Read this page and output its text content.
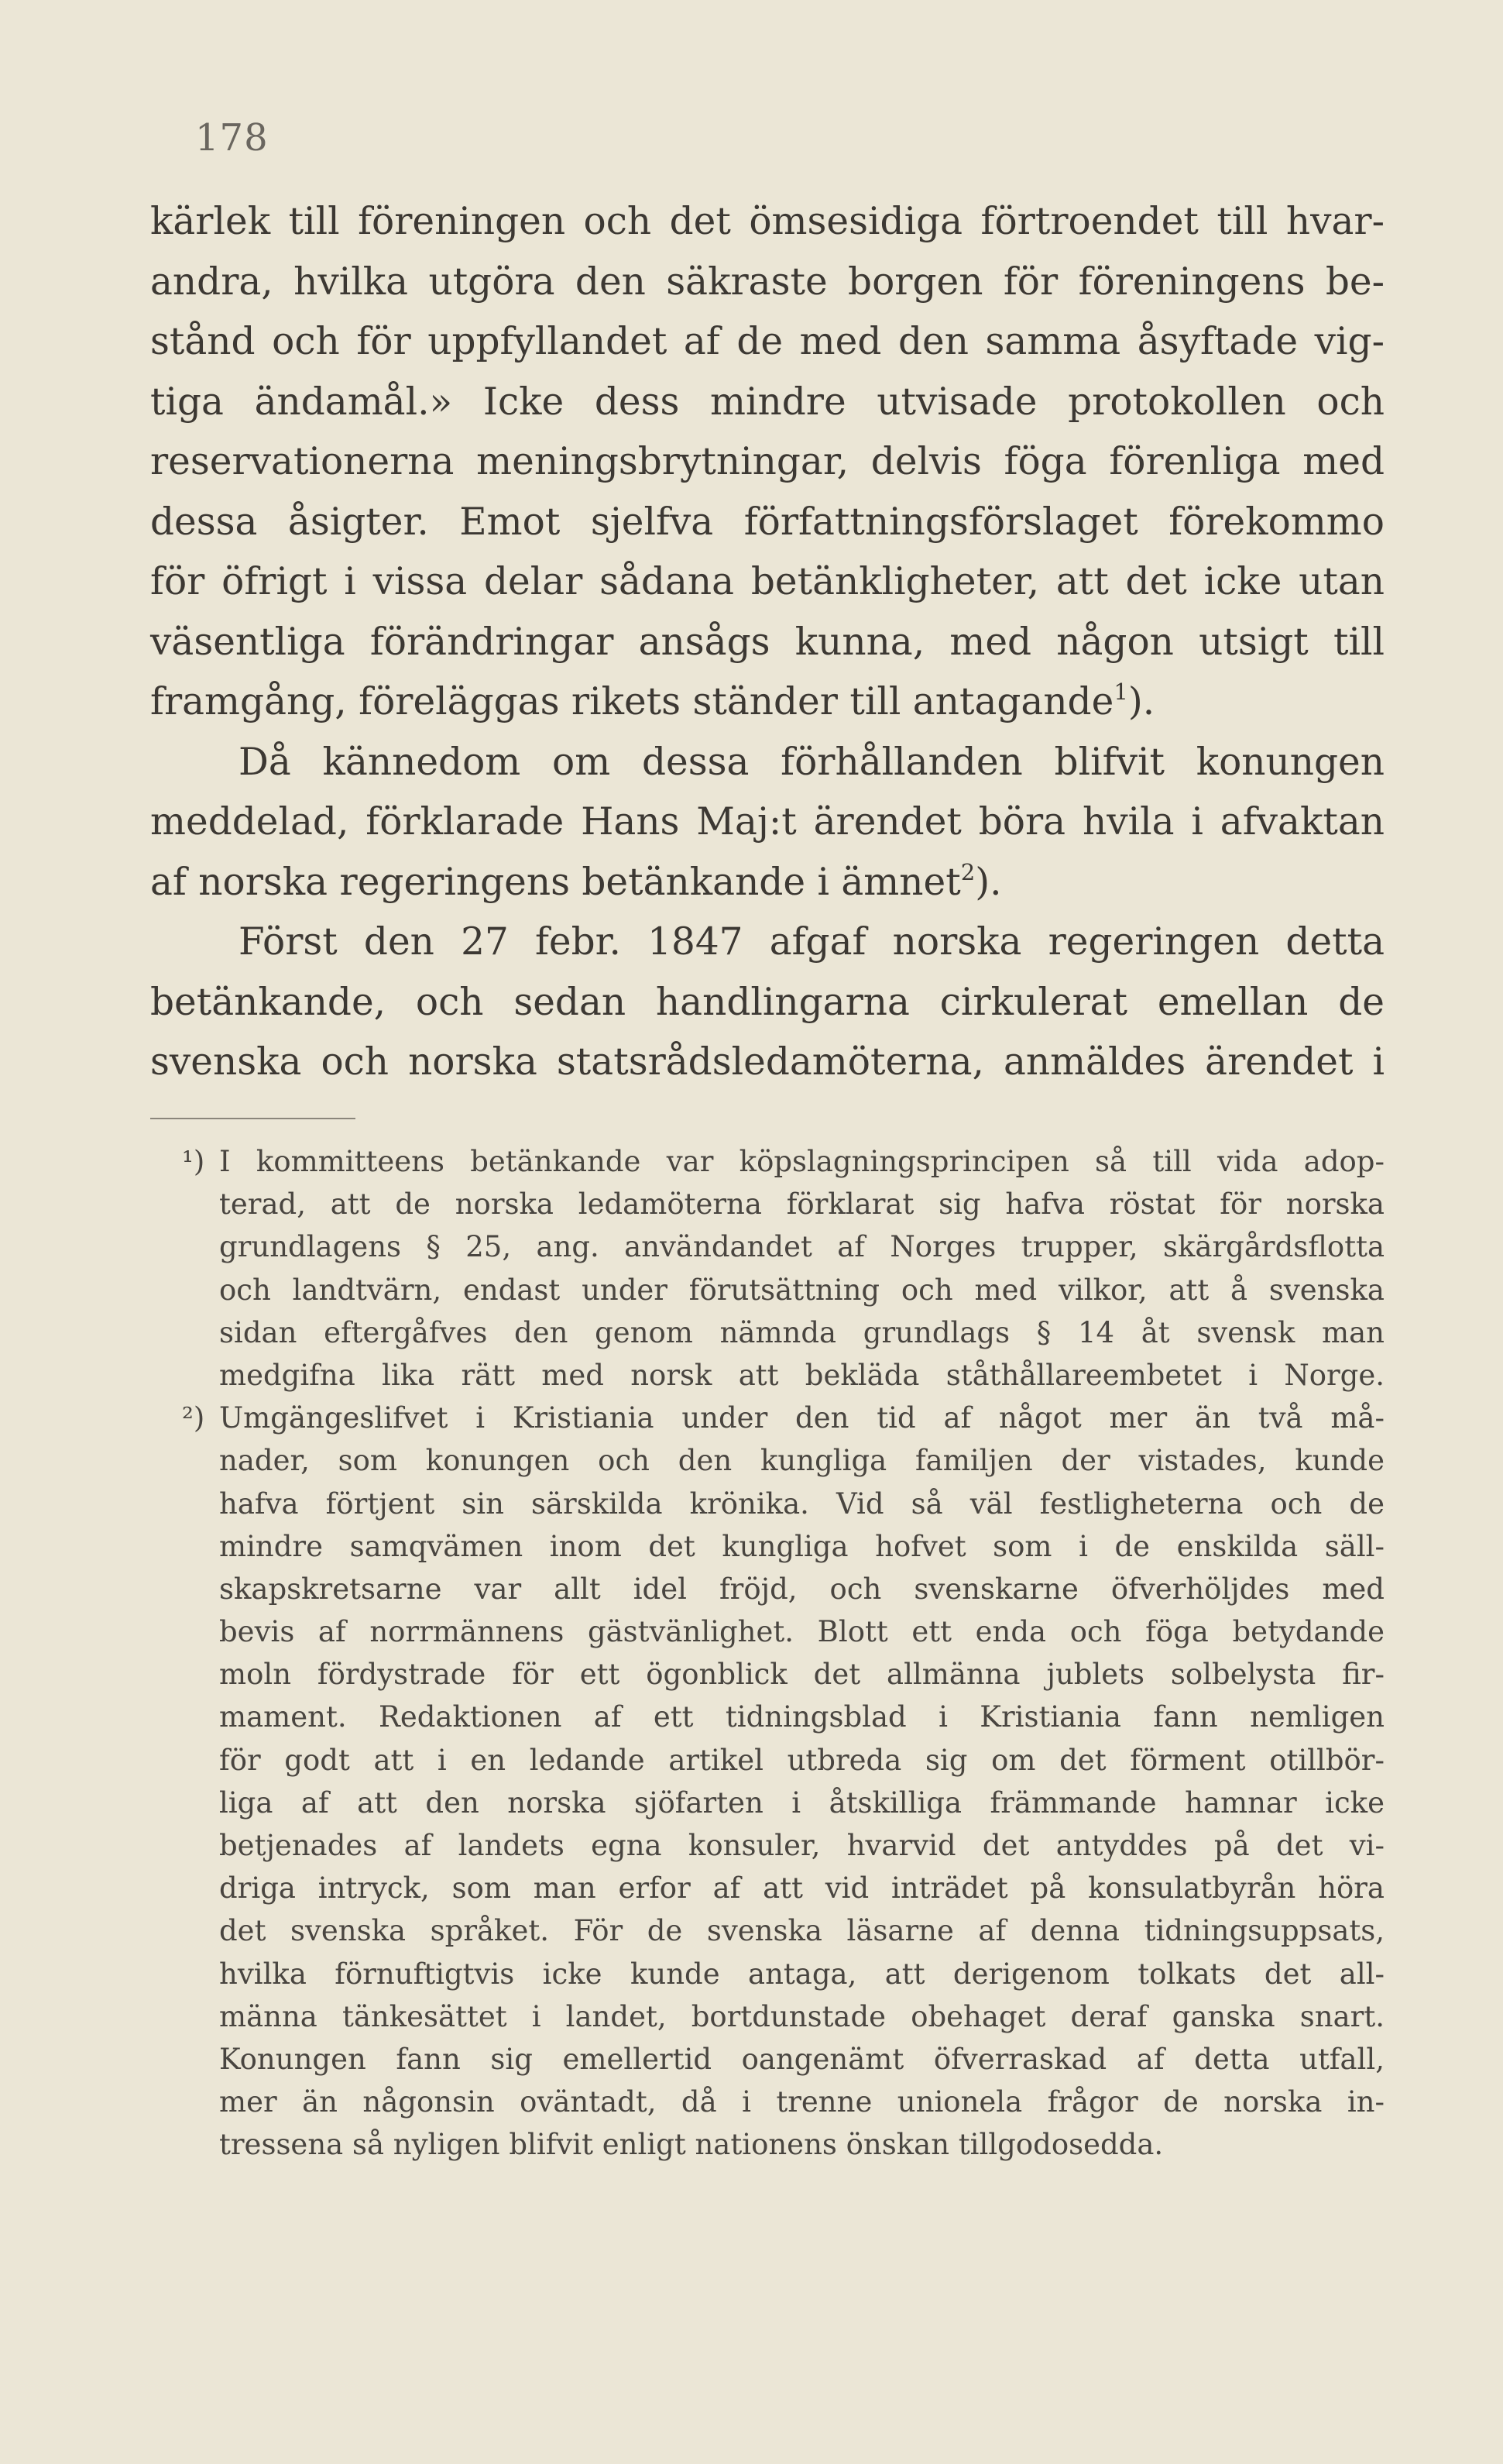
178
kärlek till föreningen och det ömsesidiga förtroendet till hvar-
andra, hvilka utgöra den säkraste borgen för föreningens be-
stånd och för uppfyllandet af de med den samma åsyftade vig-
tiga ändamål.» Icke dess mindre utvisade protokollen och
reservationerna meningsbrytningar, delvis föga förenliga med
dessa åsigter. Emot sjelfva författningsförslaget förekommo
för öfrigt i vissa delar sådana betänkligheter, att det icke utan
väsentliga förändringar ansågs kunna, med någon utsigt till
framgång, föreläggas rikets ständer till antagande$^1$).
Då kännedom om dessa förhållanden blifvit konungen
meddelad, förklarade Hans Maj:t ärendet böra hvila i afvaktan
af norska regeringens betänkande i ämnet$^2$).
Först den 27 febr. 1847 afgaf norska regeringen detta
betänkande, och sedan handlingarna cirkulerat emellan de
svenska och norska statsrådsledamöterna, anmäldes ärendet i
¹) I kommitteens betänkande var köpslagningsprincipen så till vida adop-
terad, att de norska ledamöterna förklarat sig hafva röstat för norska
grundlagens § 25, ang. användandet af Norges trupper, skärgårdsflotta
och landtvärn, endast under förutsättning och med vilkor, att å svenska
sidan eftergåfves den genom nämnda grundlags § 14 åt svensk man
medgifna lika rätt med norsk att bekläda ståthållareembetet i Norge.
²) Umgängeslifvet i Kristiania under den tid af något mer än två må-
nader, som konungen och den kungliga familjen der vistades, kunde
hafva förtjent sin särskilda krönika. Vid så väl festligheterna och de
mindre samqvämen inom det kungliga hofvet som i de enskilda säll-
skapskretsarne var allt idel fröjd, och svenskarne öfverhöljdes med
bevis af norrmännens gästvänlighet. Blott ett enda och föga betydande
moln fördystrade för ett ögonblick det allmänna jublets solbelysta fir-
mament. Redaktionen af ett tidningsblad i Kristiania fann nemligen
för godt att i en ledande artikel utbreda sig om det förment otillbör-
liga af att den norska sjöfarten i åtskilliga främmande hamnar icke
betjenades af landets egna konsuler, hvarvid det antyddes på det vi-
driga intryck, som man erfor af att vid inträdet på konsulatbyrån höra
det svenska språket. För de svenska läsarne af denna tidningsuppsats,
hvilka förnuftigtvis icke kunde antaga, att derigenom tolkats det all-
männa tänkesättet i landet, bortdunstade obehaget deraf ganska snart.
Konungen fann sig emellertid oangenämt öfverraskad af detta utfall,
mer än någonsin oväntadt, då i trenne unionela frågor de norska in-
tressena så nyligen blifvit enligt nationens önskan tillgodosedda.
